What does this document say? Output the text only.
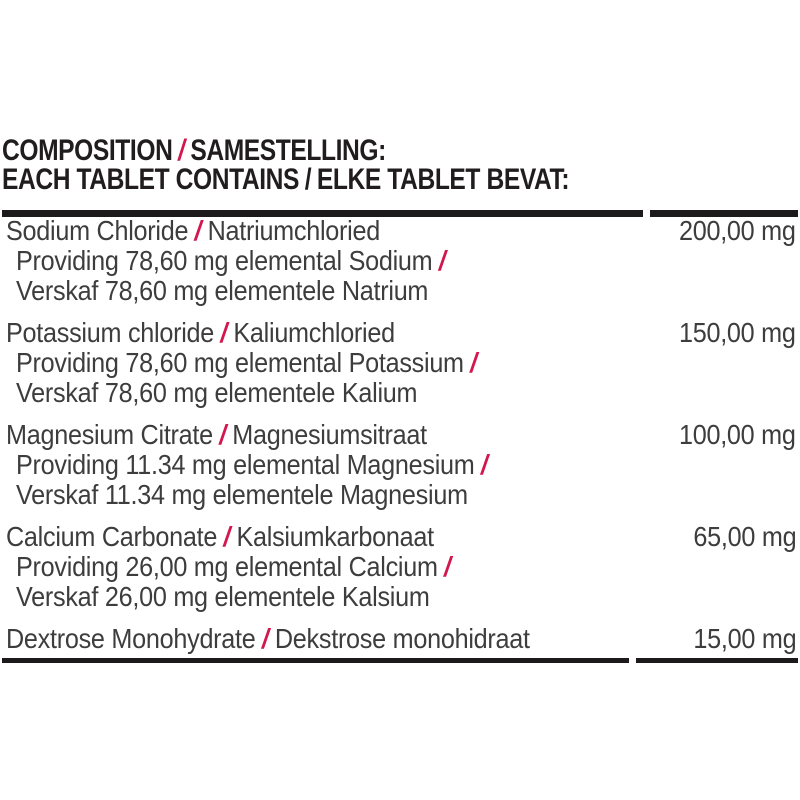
COMPOSITION / SAMESTELLING:
EACH TABLET CONTAINS / ELKE TABLET BEVAT:
Sodium Chloride / Natriumchloried	200,00 mg
Providing 78,60 mg elemental Sodium /
Verskaf 78,60 mg elementele Natrium
Potassium chloride / Kaliumchloried	150,00 mg
Providing 78,60 mg elemental Potassium /
Verskaf 78,60 mg elementele Kalium
Magnesium Citrate / Magnesiumsitraat	100,00 mg
Providing 11.34 mg elemental Magnesium /
Verskaf 11.34 mg elementele Magnesium
Calcium Carbonate / Kalsiumkarbonaat	65,00 mg
Providing 26,00 mg elemental Calcium /
Verskaf 26,00 mg elementele Kalsium
Dextrose Monohydrate / Dekstrose monohidraat	15,00 mg
